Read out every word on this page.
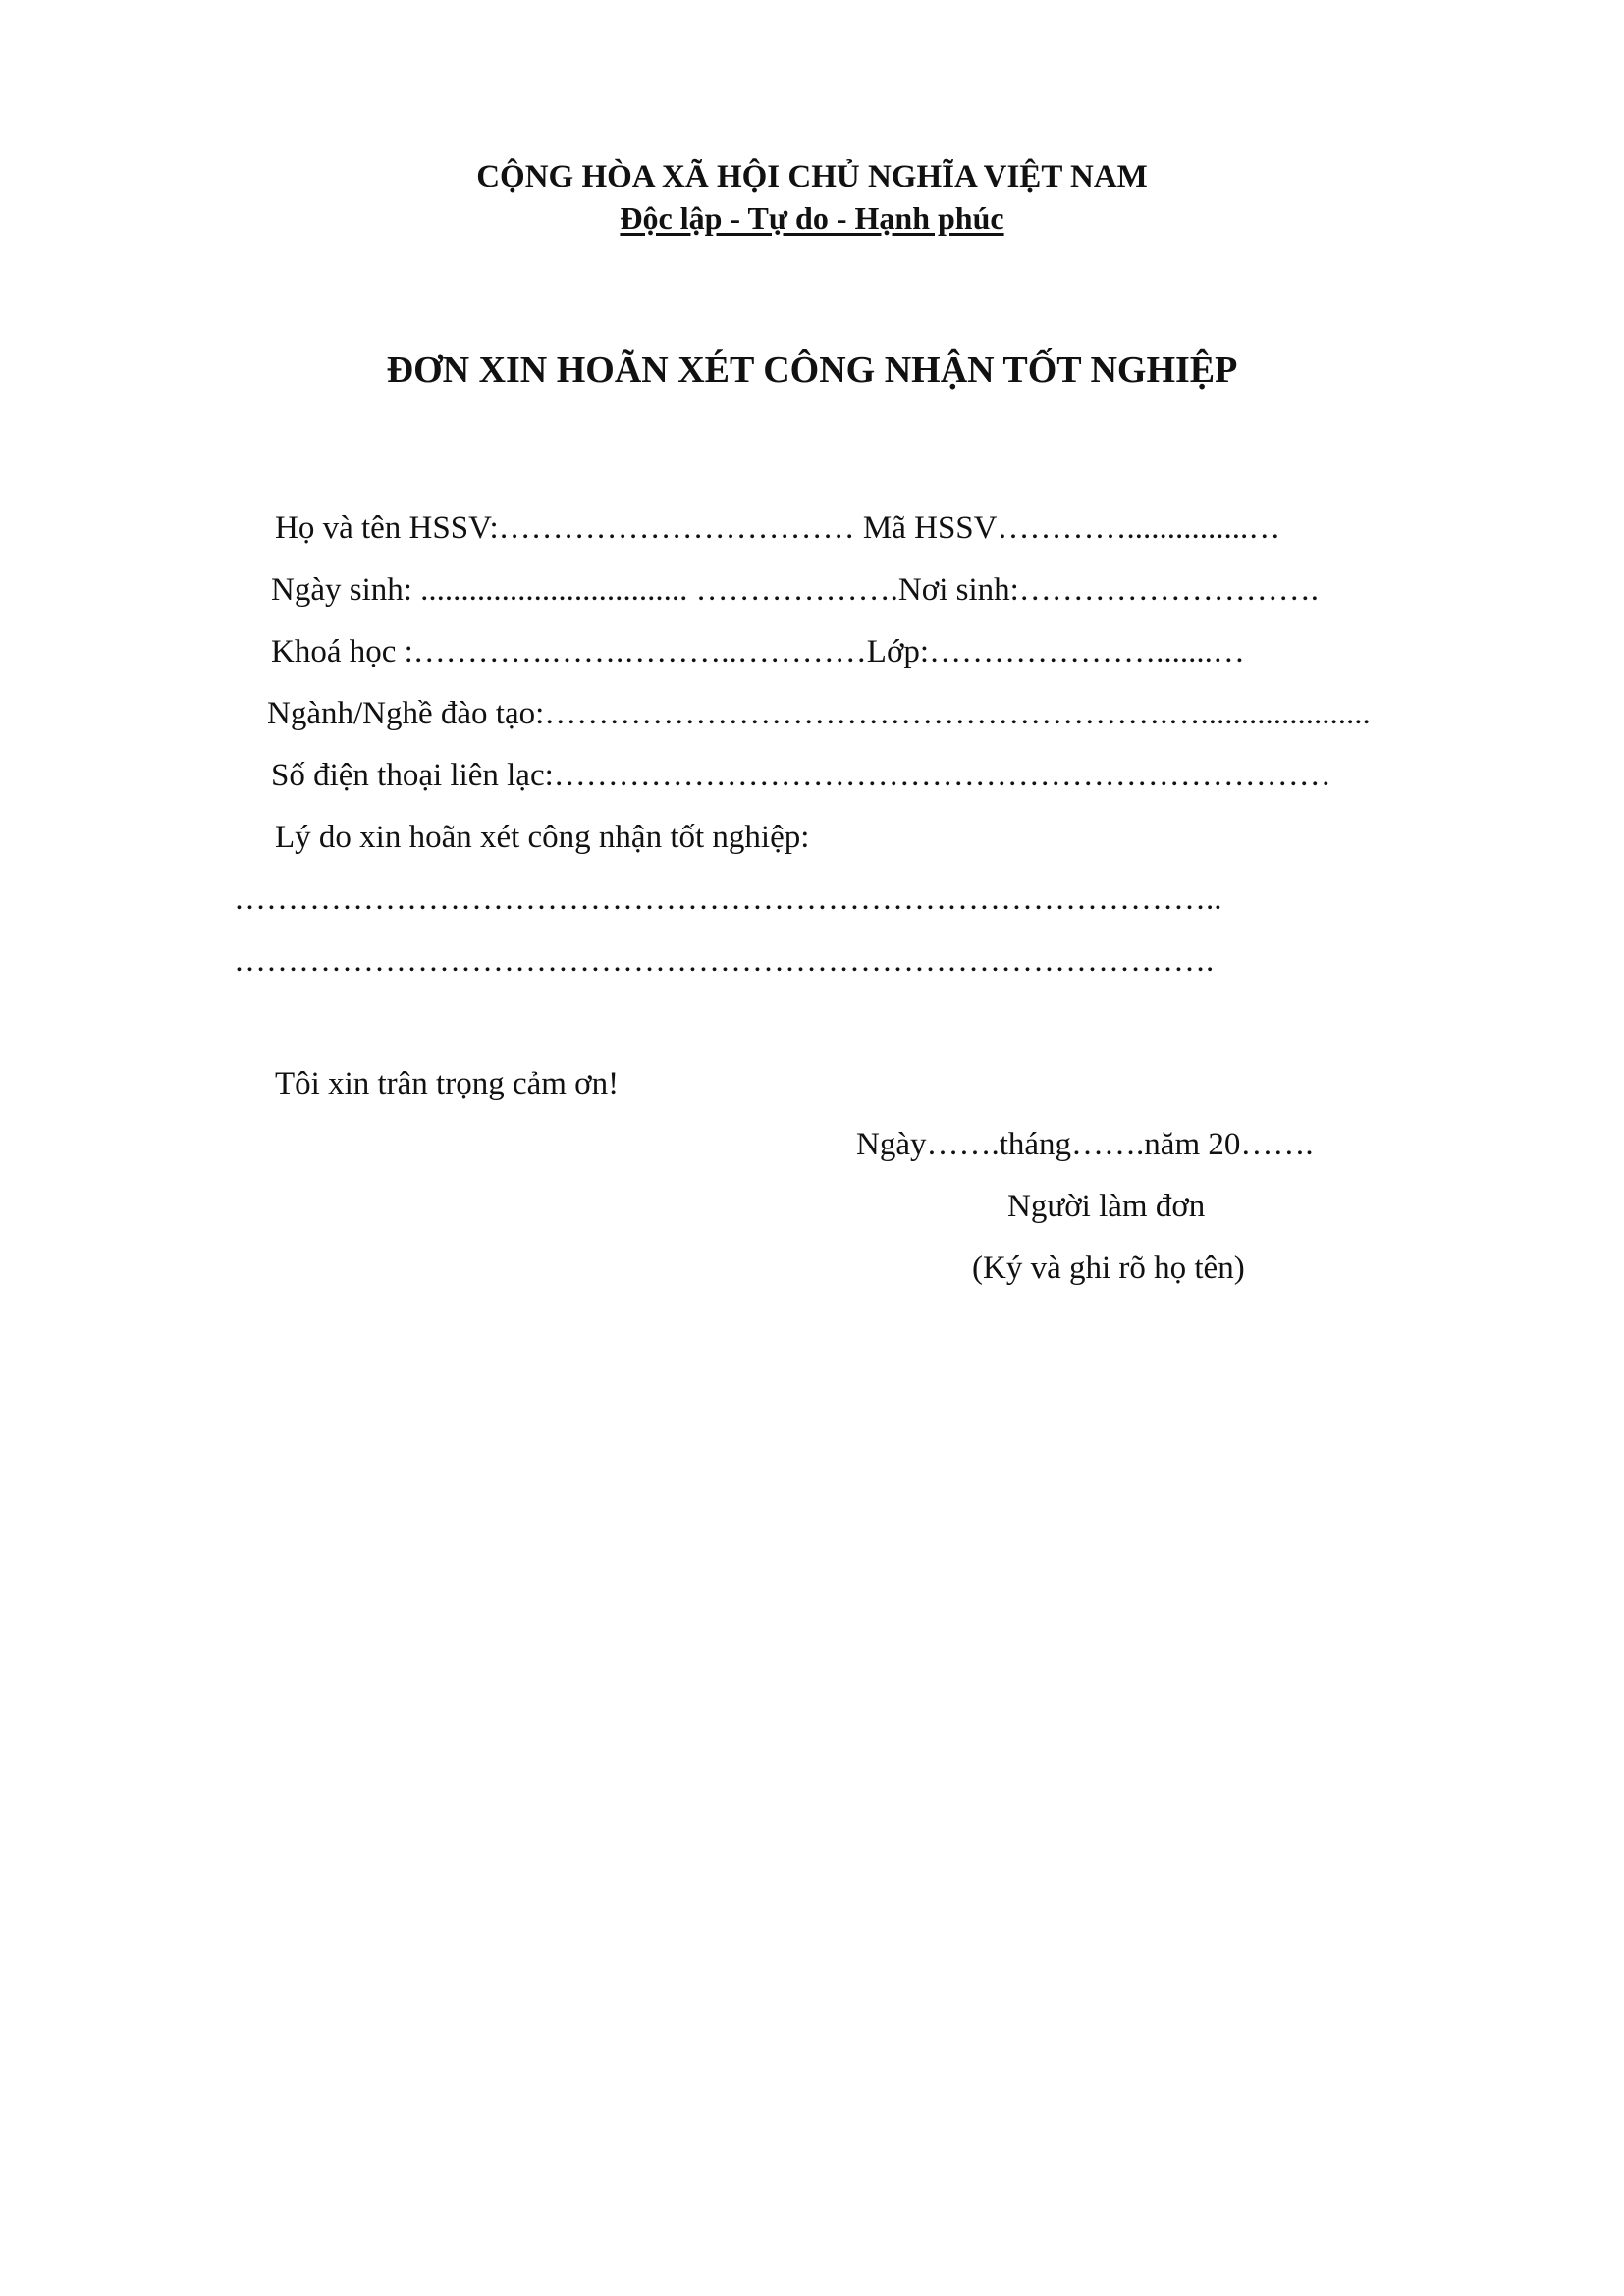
CỘNG HÒA XÃ HỘI CHỦ NGHĨA VIỆT NAM
Độc lập - Tự do - Hạnh phúc
ĐƠN XIN HOÃN XÉT CÔNG NHẬN TỐT NGHIỆP
Họ và tên HSSV:…………………………… Mã HSSV…………...............…
Ngày sinh: ................................. ……………….Nơi sinh:……………………….
Khoá học :………….…….………..…………Lớp:………………….......…
Ngành/Nghề đào tạo:………………………………………………….….....................
Số điện thoại liên lạc:………………………………………………………………
Lý do xin hoãn xét công nhận tốt nghiệp:
………………………………………………………………………………..
……………………………………………………………………………….
Tôi xin trân trọng cảm ơn!
Ngày…….tháng…….năm 20…….
Người làm đơn
(Ký và ghi rõ họ tên)
